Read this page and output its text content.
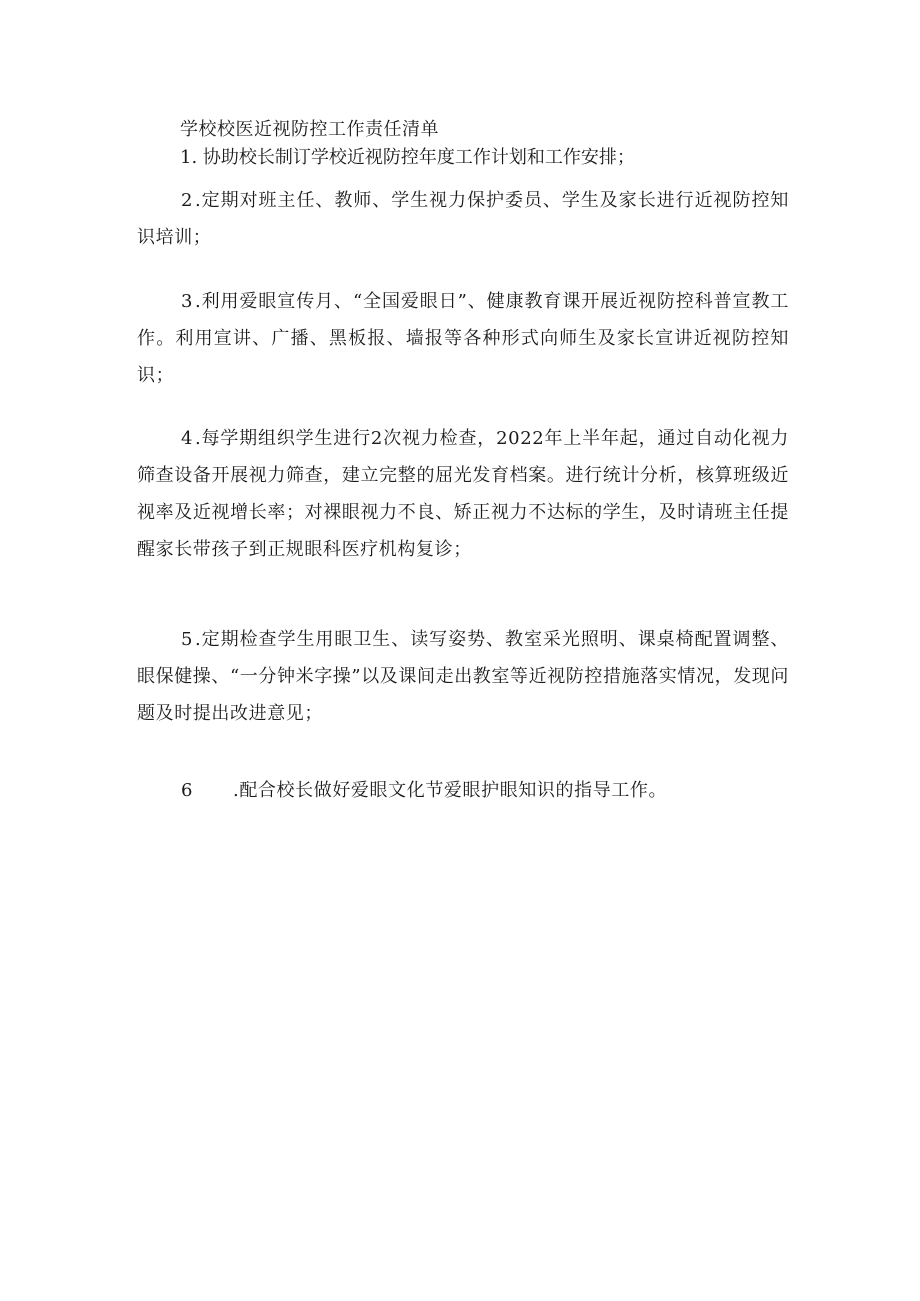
学校校医近视防控工作责任清单
1. 协助校长制订学校近视防控年度工作计划和工作安排；
2 .定期对班主任、教师、学生视力保护委员、学生及家长进行近视防控知识培训；
3 .利用爱眼宣传月、“全国爱眼日”、健康教育课开展近视防控科普宣教工作。利用宣讲、广播、黑板报、墙报等各种形式向师生及家长宣讲近视防控知识；
4 .每学期组织学生进行2次视力检查，2022年上半年起，通过自动化视力筛查设备开展视力筛查，建立完整的屈光发育档案。进行统计分析，核算班级近视率及近视增长率；对裸眼视力不良、矫正视力不达标的学生，及时请班主任提醒家长带孩子到正规眼科医疗机构复诊；
5 .定期检查学生用眼卫生、读写姿势、教室采光照明、课桌椅配置调整、眼保健操、“一分钟米字操”以及课间走出教室等近视防控措施落实情况，发现问题及时提出改进意见；
6 .配合校长做好爱眼文化节爱眼护眼知识的指导工作。
